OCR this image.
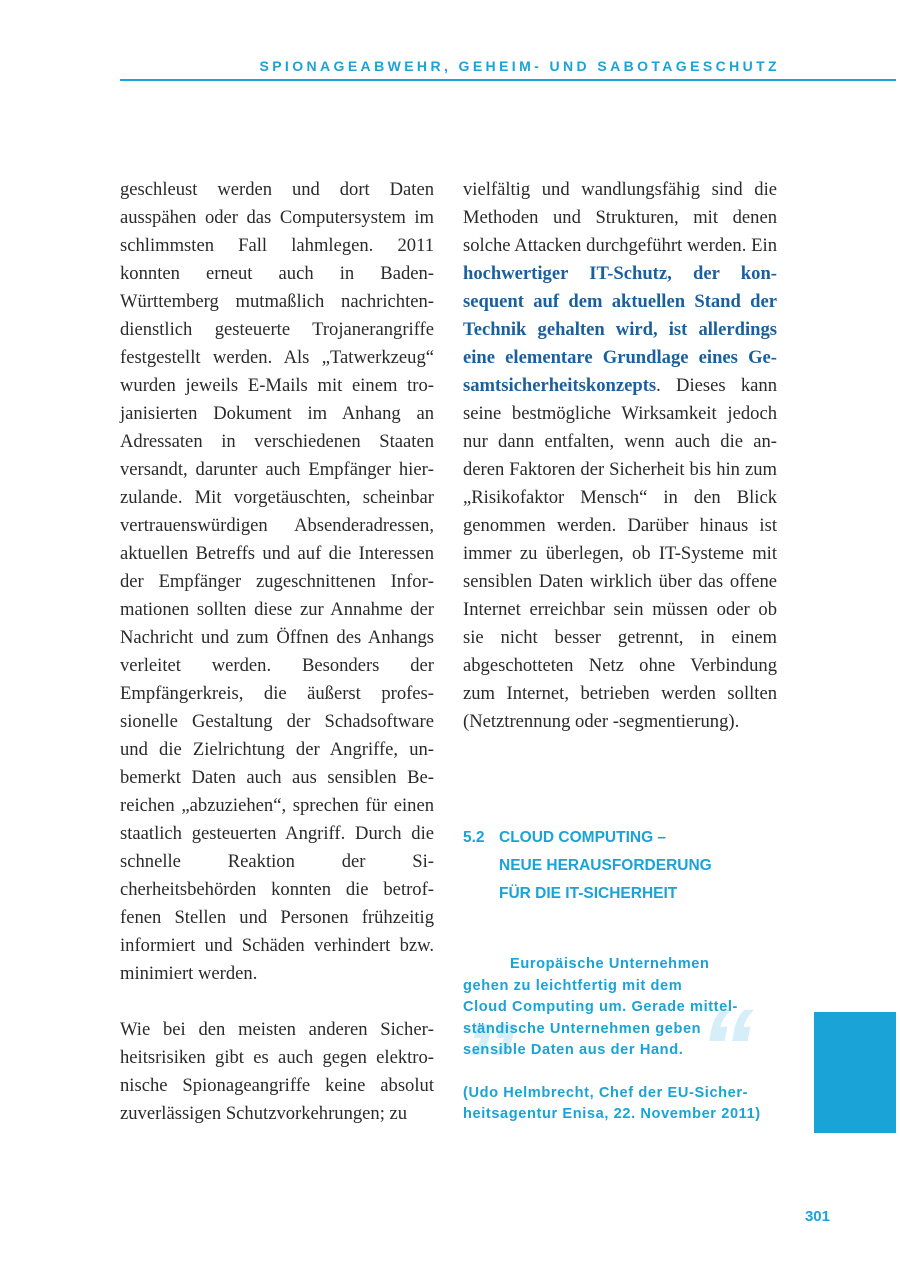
SPIONAGEABWEHR, GEHEIM- UND SABOTAGESCHUTZ

geschleust werden und dort Daten ausspähen oder das Computersystem im schlimmsten Fall lahmlegen. 2011 konnten erneut auch in Baden-Württemberg mutmaßlich nachrichtendienstlich gesteuerte Trojanerangriffe festgestellt werden. Als „Tatwerkzeug“ wurden jeweils E-Mails mit einem trojanisierten Dokument im Anhang an Adressaten in verschiedenen Staaten versandt, darunter auch Empfänger hierzulande. Mit vorgetäuschten, scheinbar vertrauenswürdigen Absenderadressen, aktuellen Betreffs und auf die Interessen der Empfänger zugeschnittenen Informationen sollten diese zur Annahme der Nachricht und zum Öffnen des Anhangs verleitet werden. Besonders der Empfängerkreis, die äußerst professionelle Gestaltung der Schadsoftware und die Zielrichtung der Angriffe, unbemerkt Daten auch aus sensiblen Bereichen „abzuziehen“, sprechen für einen staatlich gesteuerten Angriff. Durch die schnelle Reaktion der Sicherheitsbehörden konnten die betroffenen Stellen und Personen frühzeitig informiert und Schäden verhindert bzw. minimiert werden.

Wie bei den meisten anderen Sicherheitsrisiken gibt es auch gegen elektronische Spionageangriffe keine absolut zuverlässigen Schutzvorkehrungen; zu

vielfältig und wandlungsfähig sind die Methoden und Strukturen, mit denen solche Attacken durchgeführt werden. Ein hochwertiger IT-Schutz, der konsequent auf dem aktuellen Stand der Technik gehalten wird, ist allerdings eine elementare Grundlage eines Gesamtsicherheitskonzepts. Dieses kann seine bestmögliche Wirksamkeit jedoch nur dann entfalten, wenn auch die anderen Faktoren der Sicherheit bis hin zum „Risikofaktor Mensch“ in den Blick genommen werden. Darüber hinaus ist immer zu überlegen, ob IT-Systeme mit sensiblen Daten wirklich über das offene Internet erreichbar sein müssen oder ob sie nicht besser getrennt, in einem abgeschotteten Netz ohne Verbindung zum Internet, betrieben werden sollten (Netztrennung oder -segmentierung).

5.2 CLOUD COMPUTING –
NEUE HERAUSFORDERUNG
FÜR DIE IT-SICHERHEIT
„ “
Europäische Unternehmen
gehen zu leichtfertig mit dem
Cloud Computing um. Gerade mittel-
ständische Unternehmen geben
sensible Daten aus der Hand.
(Udo Helmbrecht, Chef der EU-Sicher-
heitsagentur Enisa, 22. November 2011)
301
